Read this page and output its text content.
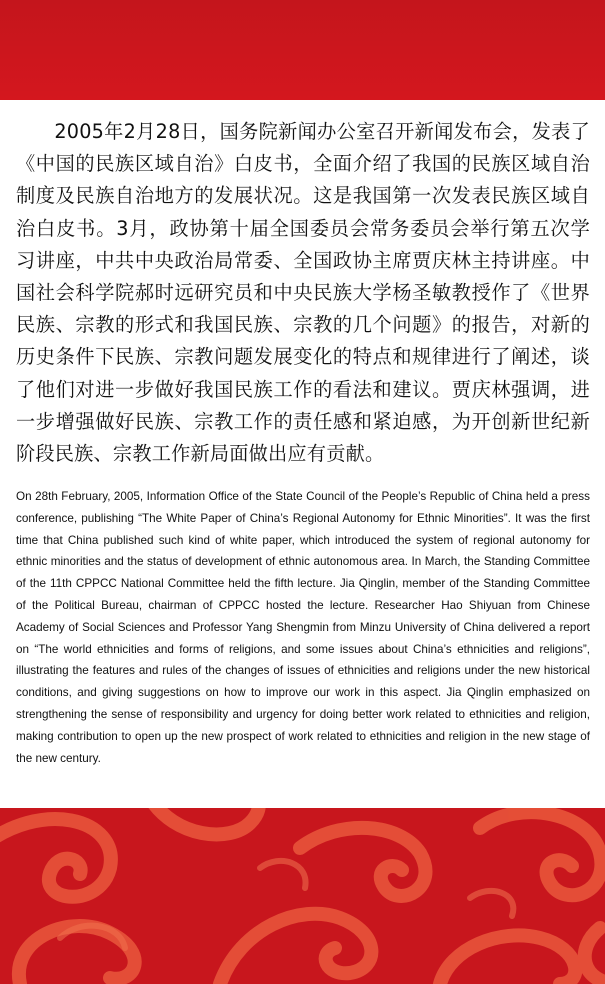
2005年2月28日，国务院新闻办公室召开新闻发布会，发表了《中国的民族区域自治》白皮书，全面介绍了我国的民族区域自治制度及民族自治地方的发展状况。这是我国第一次发表民族区域自治白皮书。3月，政协第十届全国委员会常务委员会举行第五次学习讲座，中共中央政治局常委、全国政协主席贾庆林主持讲座。中国社会科学院郝时远研究员和中央民族大学杨圣敏教授作了《世界民族、宗教的形式和我国民族、宗教的几个问题》的报告，对新的历史条件下民族、宗教问题发展变化的特点和规律进行了阐述，谈了他们对进一步做好我国民族工作的看法和建议。贾庆林强调，进一步增强做好民族、宗教工作的责任感和紧迫感，为开创新世纪新阶段民族、宗教工作新局面做出应有贡献。

On 28th February, 2005, Information Office of the State Council of the People’s Republic of China held a press conference, publishing “The White Paper of China’s Regional Autonomy for Ethnic Minorities”. It was the first time that China published such kind of white paper, which introduced the system of regional autonomy for ethnic minorities and the status of development of ethnic autonomous area. In March, the Standing Committee of the 11th CPPCC National Committee held the fifth lecture. Jia Qinglin, member of the Standing Committee of the Political Bureau, chairman of CPPCC hosted the lecture. Researcher Hao Shiyuan from Chinese Academy of Social Sciences and Professor Yang Shengmin from Minzu University of China delivered a report on “The world ethnicities and forms of religions, and some issues about China’s ethnicities and religions”, illustrating the features and rules of the changes of issues of ethnicities and religions under the new historical conditions, and giving suggestions on how to improve our work in this aspect. Jia Qinglin emphasized on strengthening the sense of responsibility and urgency for doing better work related to ethnicities and religion, making contribution to open up the new prospect of work related to ethnicities and religion in the new stage of the new century.
